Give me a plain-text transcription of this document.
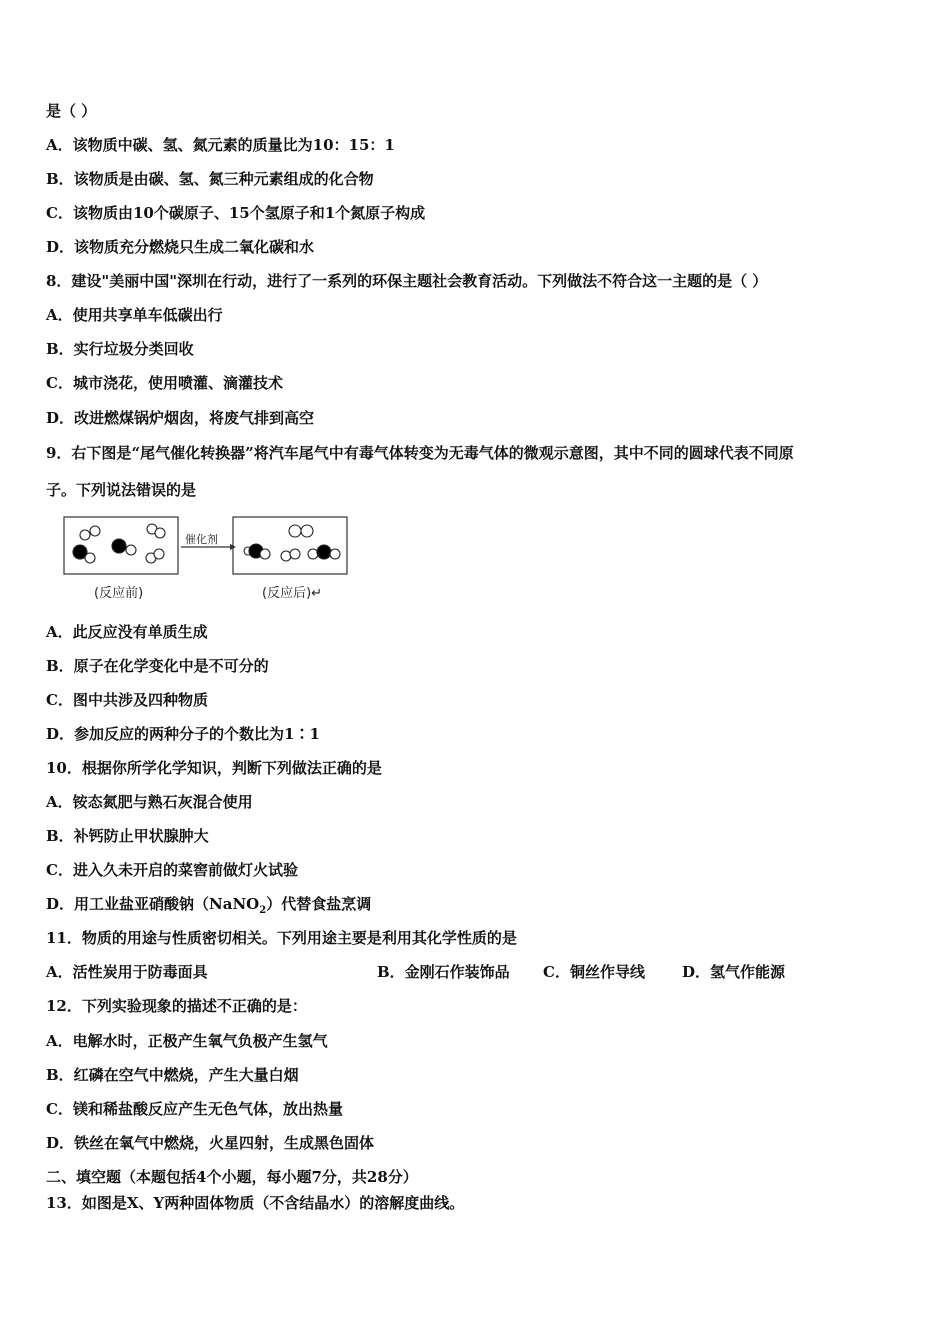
是（ ）
A．该物质中碳、氢、氮元素的质量比为10：15：1
B．该物质是由碳、氢、氮三种元素组成的化合物
C．该物质由10个碳原子、15个氢原子和1个氮原子构成
D．该物质充分燃烧只生成二氧化碳和水
8．建设"美丽中国"深圳在行动，进行了一系列的环保主题社会教育活动。下列做法不符合这一主题的是（ ）
A．使用共享单车低碳出行
B．实行垃圾分类回收
C．城市浇花，使用喷灌、滴灌技术
D．改进燃煤锅炉烟囱，将废气排到高空
9．右下图是“尾气催化转换器”将汽车尾气中有毒气体转变为无毒气体的微观示意图，其中不同的圆球代表不同原
子。下列说法错误的是
催化剂
(反应前)	(反应后)↵
A．此反应没有单质生成
B．原子在化学变化中是不可分的
C．图中共涉及四种物质
D．参加反应的两种分子的个数比为1∶1
10．根据你所学化学知识，判断下列做法正确的是
A．铵态氮肥与熟石灰混合使用
B．补钙防止甲状腺肿大
C．进入久未开启的菜窖前做灯火试验
D．用工业盐亚硝酸钠（NaNO$_2$）代替食盐烹调
11．物质的用途与性质密切相关。下列用途主要是利用其化学性质的是
A．活性炭用于防毒面具	B．金刚石作装饰品 C．铜丝作导线 D．氢气作能源
12．下列实验现象的描述不正确的是：
A．电解水时，正极产生氧气负极产生氢气
B．红磷在空气中燃烧，产生大量白烟
C．镁和稀盐酸反应产生无色气体，放出热量
D．铁丝在氧气中燃烧，火星四射，生成黑色固体
二、填空题（本题包括4个小题，每小题7分，共28分）
13．如图是X、Y两种固体物质（不含结晶水）的溶解度曲线。
